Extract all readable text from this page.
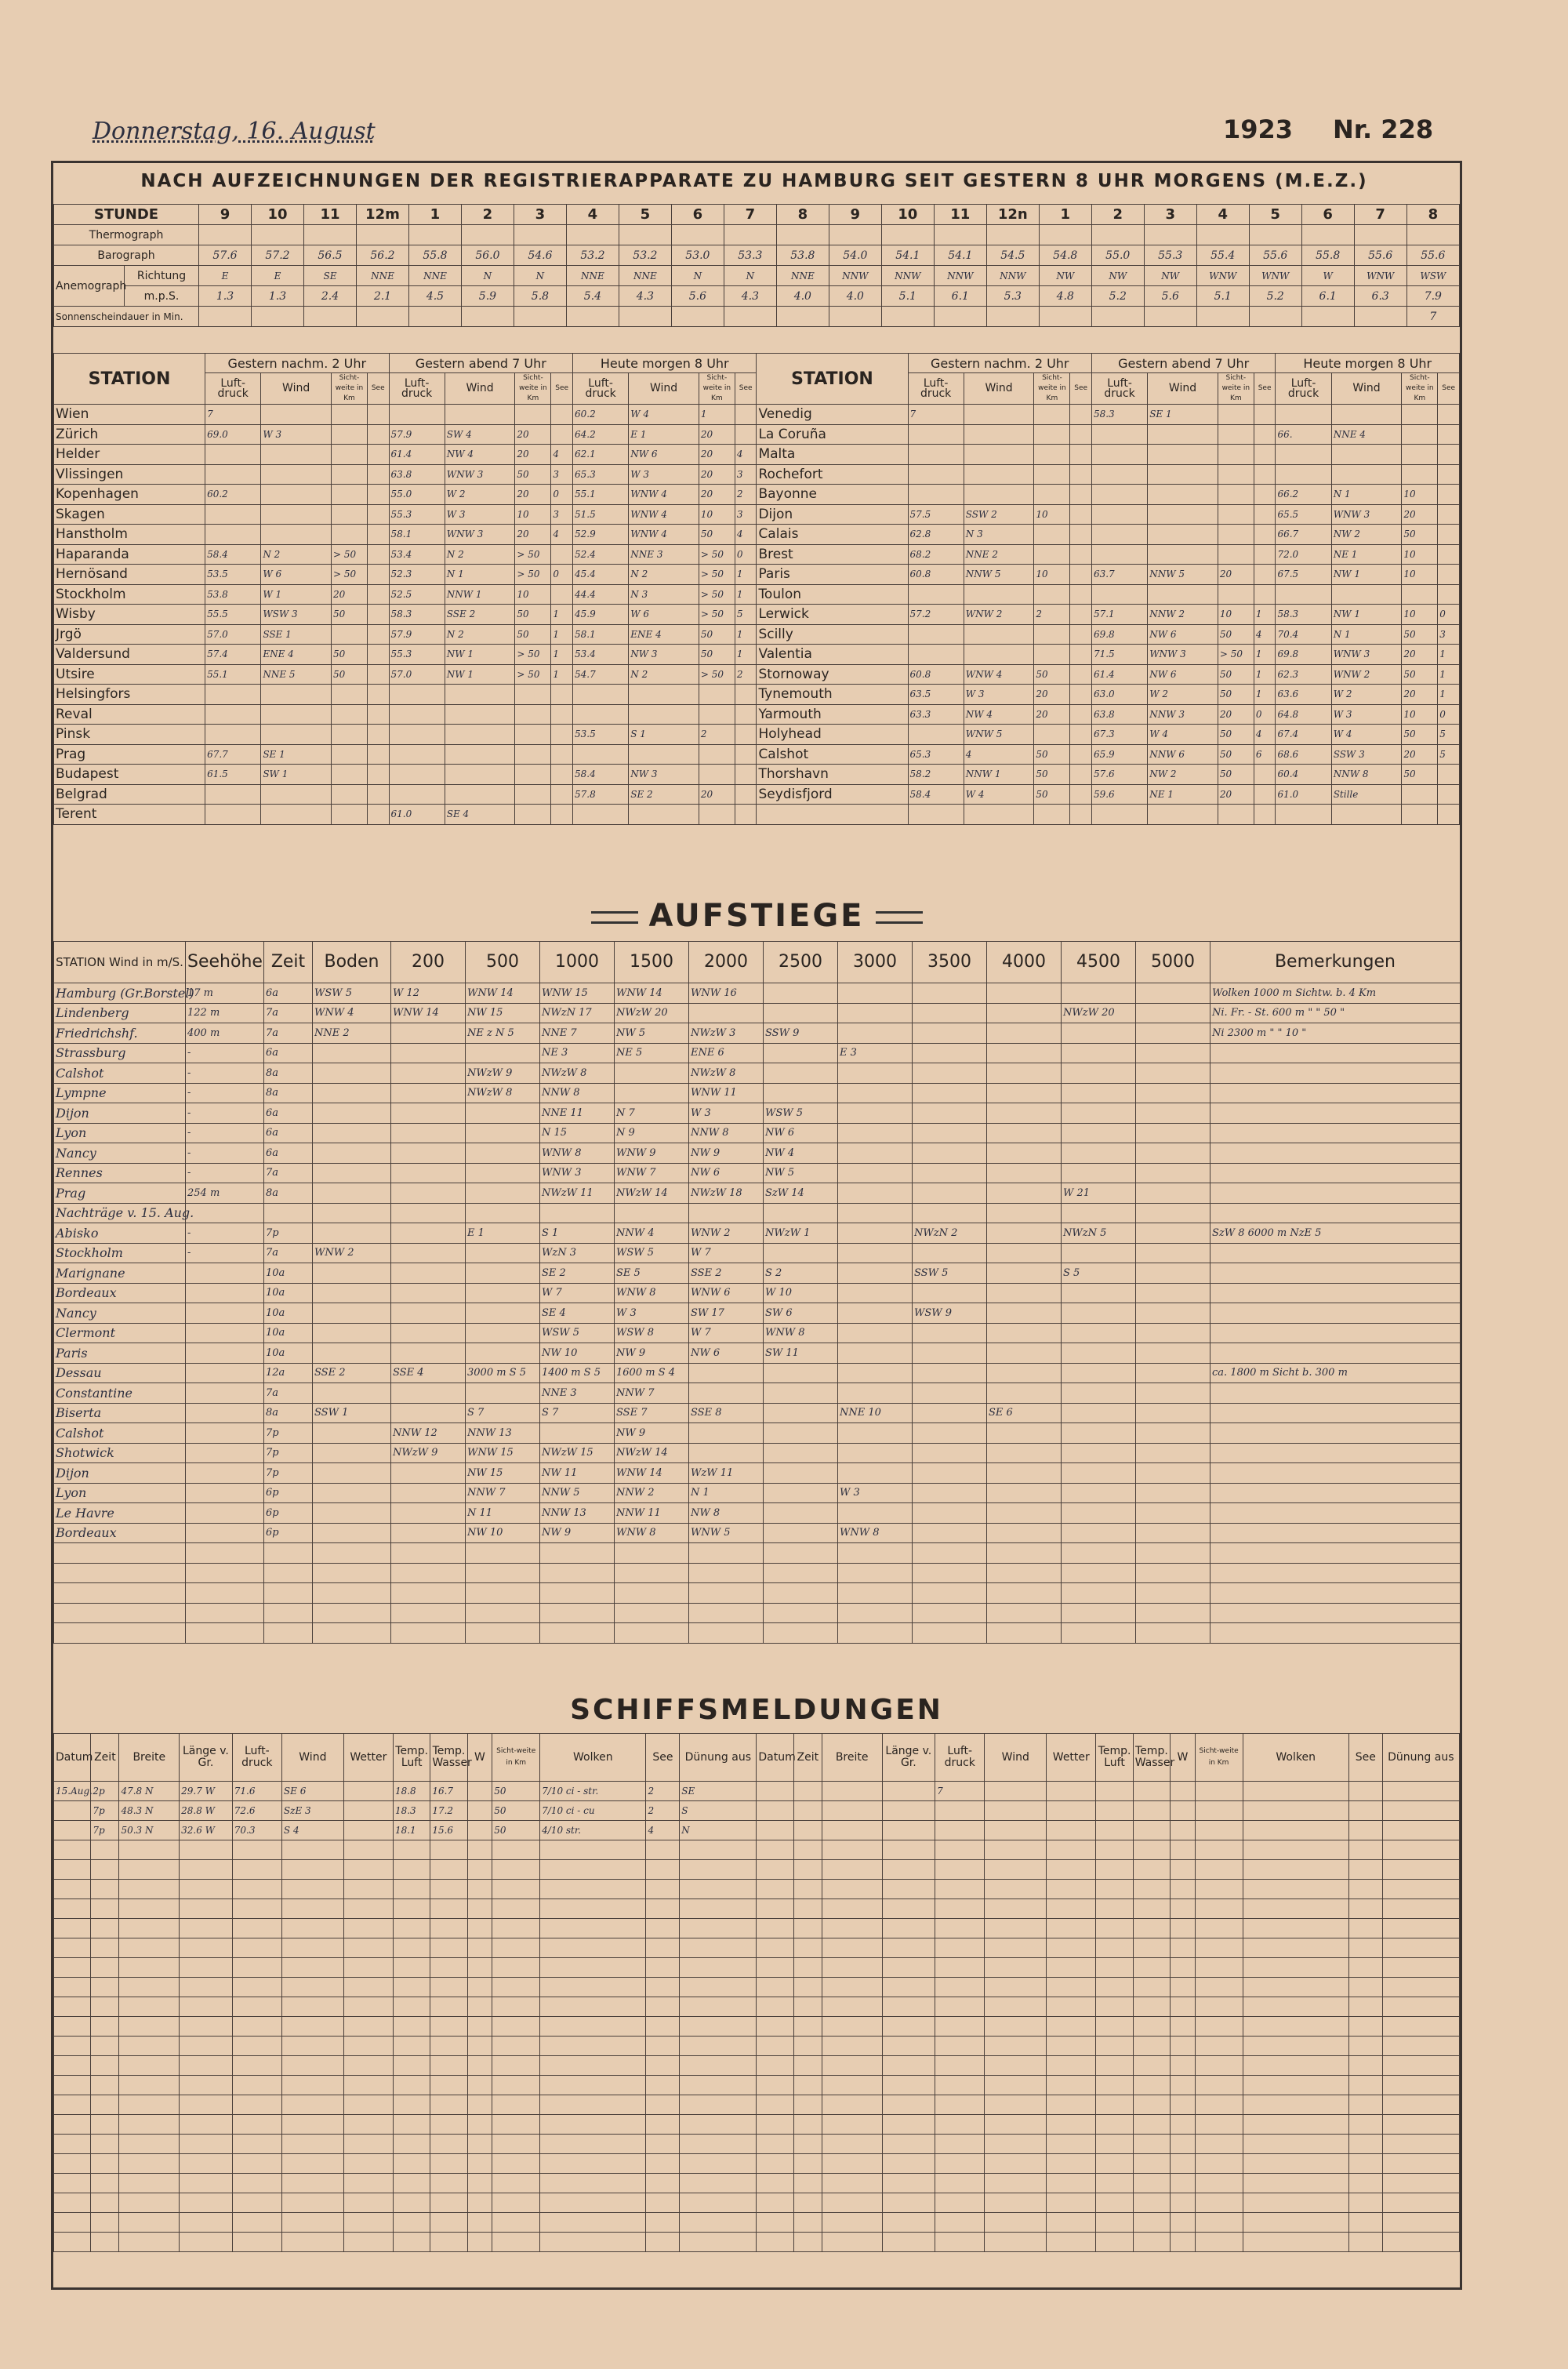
Donnerstag, 16. August	1923 Nr. 228
NACH AUFZEICHNUNGEN DER REGISTRIERAPPARATE ZU HAMBURG SEIT GESTERN 8 UHR MORGENS (M.E.Z.)
STUNDE		9	10	11	12m	1	2	3	4	5	6	7	8	9	10	11	12n	1	2	3	4	5	6	7	8
Thermograph																									
Barograph		57.6	57.2	56.5	56.2	55.8	56.0	54.6	53.2	53.2	53.0	53.3	53.8	54.0	54.1	54.1	54.5	54.8	55.0	55.3	55.4	55.6	55.8	55.6	55.6
Anemograph	Richtung	E	E	SE	NNE	NNE	N	N	NNE	NNE	N	N	NNE	NNW	NNW	NNW	NNW	NW	NW	NW	WNW	WNW	W	WNW	WSW
	m.p.S.	1.3	1.3	2.4	2.1	4.5	5.9	5.8	5.4	4.3	5.6	4.3	4.0	4.0	5.1	6.1	5.3	4.8	5.2	5.6	5.1	5.2	6.1	6.3	7.9
Sonnenscheindauer in Min.																									7
STATION	Gestern nachm. 2 Uhr				Gestern abend 7 Uhr				Heute morgen 8 Uhr				STATION	Gestern nachm. 2 Uhr				Gestern abend 7 Uhr				Heute morgen 8 Uhr			
	Luft-druck	Wind	Sicht-weite in Km	See	Luft-druck	Wind	Sicht-weite in Km	See	Luft-druck	Wind	Sicht-weite in Km	See		Luft-druck	Wind	Sicht-weite in Km	See	Luft-druck	Wind	Sicht-weite in Km	See	Luft-druck	Wind	Sicht-weite in Km	See
Wien	7								60.2	W 4	1		Venedig	7				58.3	SE 1						
Zürich	69.0	W 3			57.9	SW 4	20		64.2	E 1	20		La Coruña									66.	NNE 4		
Helder					61.4	NW 4	20	4	62.1	NW 6	20	4	Malta												
Vlissingen					63.8	WNW 3	50	3	65.3	W 3	20	3	Rochefort												
Kopenhagen	60.2				55.0	W 2	20	0	55.1	WNW 4	20	2	Bayonne									66.2	N 1	10	
Skagen					55.3	W 3	10	3	51.5	WNW 4	10	3	Dijon	57.5	SSW 2	10						65.5	WNW 3	20	
Hanstholm					58.1	WNW 3	20	4	52.9	WNW 4	50	4	Calais	62.8	N 3							66.7	NW 2	50	
Haparanda	58.4	N 2	> 50		53.4	N 2	> 50		52.4	NNE 3	> 50	0	Brest	68.2	NNE 2							72.0	NE 1	10	
Hernösand	53.5	W 6	> 50		52.3	N 1	> 50	0	45.4	N 2	> 50	1	Paris	60.8	NNW 5	10		63.7	NNW 5	20		67.5	NW 1	10	
Stockholm	53.8	W 1	20		52.5	NNW 1	10		44.4	N 3	> 50	1	Toulon												
Wisby	55.5	WSW 3	50		58.3	SSE 2	50	1	45.9	W 6	> 50	5	Lerwick	57.2	WNW 2	2		57.1	NNW 2	10	1	58.3	NW 1	10	0
Jrgö	57.0	SSE 1			57.9	N 2	50	1	58.1	ENE 4	50	1	Scilly					69.8	NW 6	50	4	70.4	N 1	50	3
Valdersund	57.4	ENE 4	50		55.3	NW 1	> 50	1	53.4	NW 3	50	1	Valentia					71.5	WNW 3	> 50	1	69.8	WNW 3	20	1
Utsire	55.1	NNE 5	50		57.0	NW 1	> 50	1	54.7	N 2	> 50	2	Stornoway	60.8	WNW 4	50		61.4	NW 6	50	1	62.3	WNW 2	50	1
Helsingfors													Tynemouth	63.5	W 3	20		63.0	W 2	50	1	63.6	W 2	20	1
Reval													Yarmouth	63.3	NW 4	20		63.8	NNW 3	20	0	64.8	W 3	10	0
Pinsk									53.5	S 1	2		Holyhead		WNW 5			67.3	W 4	50	4	67.4	W 4	50	5
Prag	67.7	SE 1											Calshot	65.3	4	50		65.9	NNW 6	50	6	68.6	SSW 3	20	5
Budapest	61.5	SW 1							58.4	NW 3			Thorshavn	58.2	NNW 1	50		57.6	NW 2	50		60.4	NNW 8	50	
Belgrad									57.8	SE 2	20		Seydisfjord	58.4	W 4	50		59.6	NE 1	20		61.0	Stille		
Terent					61.0	SE 4																			
AUFSTIEGE
STATION Wind in m/S.	Seehöhe	Zeit	Boden	200	500	1000	1500	2000	2500	3000	3500	4000	4500	5000	Bemerkungen
Hamburg (Gr.Borstel)	17 m	6a	WSW 5	W 12	WNW 14	WNW 15	WNW 14	WNW 16							Wolken 1000 m Sichtw. b. 4 Km
Lindenberg	122 m	7a	WNW 4	WNW 14	NW 15	NWzN 17	NWzW 20						NWzW 20		Ni. Fr. - St. 600 m " " 50 "
Friedrichshf.	400 m	7a	NNE 2		NE z N 5	NNE 7	NW 5	NWzW 3	SSW 9						Ni 2300 m " " 10 "
Strassburg	-	6a				NE 3	NE 5	ENE 6		E 3					
Calshot	-	8a			NWzW 9	NWzW 8		NWzW 8							
Lympne	-	8a			NWzW 8	NNW 8		WNW 11							
Dijon	-	6a				NNE 11	N 7	W 3	WSW 5						
Lyon	-	6a				N 15	N 9	NNW 8	NW 6						
Nancy	-	6a				WNW 8	WNW 9	NW 9	NW 4						
Rennes	-	7a				WNW 3	WNW 7	NW 6	NW 5						
Prag	254 m	8a				NWzW 11	NWzW 14	NWzW 18	SzW 14				W 21		
Nachträge v. 15. Aug.															
Abisko	-	7p			E 1	S 1	NNW 4	WNW 2	NWzW 1		NWzN 2		NWzN 5		SzW 8 6000 m NzE 5
Stockholm	-	7a	WNW 2			WzN 3	WSW 5	W 7							
Marignane		10a				SE 2	SE 5	SSE 2	S 2		SSW 5		S 5		
Bordeaux		10a				W 7	WNW 8	WNW 6	W 10						
Nancy		10a				SE 4	W 3	SW 17	SW 6		WSW 9				
Clermont		10a				WSW 5	WSW 8	W 7	WNW 8						
Paris		10a				NW 10	NW 9	NW 6	SW 11						
Dessau		12a	SSE 2	SSE 4	3000 m S 5	1400 m S 5	1600 m S 4								ca. 1800 m Sicht b. 300 m
Constantine		7a				NNE 3	NNW 7								
Biserta		8a	SSW 1		S 7	S 7	SSE 7	SSE 8		NNE 10		SE 6			
Calshot		7p		NNW 12	NNW 13		NW 9								
Shotwick		7p		NWzW 9	WNW 15	NWzW 15	NWzW 14								
Dijon		7p			NW 15	NW 11	WNW 14	WzW 11							
Lyon		6p			NNW 7	NNW 5	NNW 2	N 1		W 3					
Le Havre		6p			N 11	NNW 13	NNW 11	NW 8							
Bordeaux		6p			NW 10	NW 9	WNW 8	WNW 5		WNW 8					

SCHIFFSMELDUNGEN
Datum	Zeit	Breite	Länge v. Gr.	Luft-druck	Wind	Wetter	Temp. Luft	Temp. Wasser	W	Sicht-weite in Km	Wolken	See	Dünung aus	Datum	Zeit	Breite	Länge v. Gr.	Luft-druck	Wind	Wetter	Temp. Luft	Temp. Wasser	W	Sicht-weite in Km	Wolken	See	Dünung aus
15.Aug.	2p	47.8 N	29.7 W	71.6	SE 6		18.8	16.7		50	7/10 ci - str.	2	SE					7									
	7p	48.3 N	28.8 W	72.6	SzE 3		18.3	17.2		50	7/10 ci - cu	2	S														
	7p	50.3 N	32.6 W	70.3	S 4		18.1	15.6		50	4/10 str.	4	N														
